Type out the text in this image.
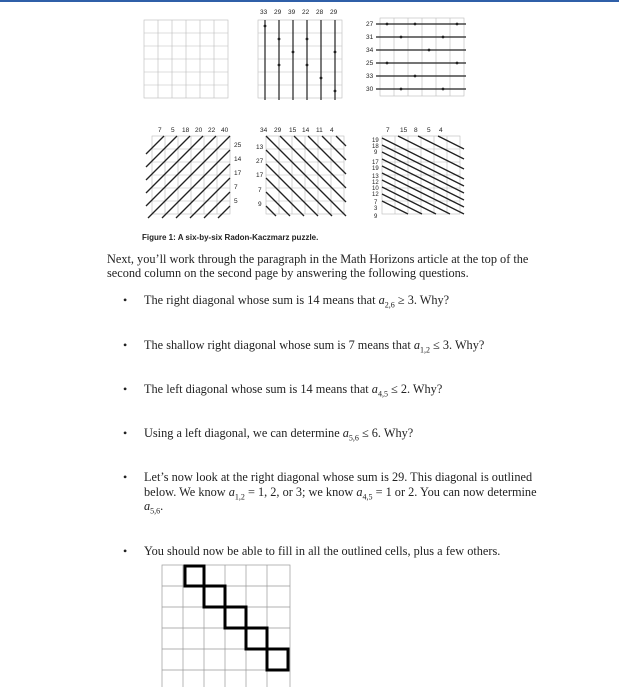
33 29 39 22 28 29
27
31
34
25
33
30
7 5 18 20 22 40
25
14
17
7
5
34 29 15 14 11 4
13
27
17
7
9
7 15 8 5 4
19
18
9
17
19
13
12
10
12
7
3
9
Figure 1: A six-by-six Radon-Kaczmarz puzzle.
Next, you’ll work through the paragraph in the Math Horizons article at the top of the second column on the second page by answering the following questions.
• The right diagonal whose sum is 14 means that $a_{2,6} \ge 3$. Why?
• The shallow right diagonal whose sum is 7 means that $a_{1,2} \le 3$. Why?
• The left diagonal whose sum is 14 means that $a_{4,5} \le 2$. Why?
• Using a left diagonal, we can determine $a_{5,6} \le 6$. Why?
• Let’s now look at the right diagonal whose sum is 29. This diagonal is outlined below. We know $a_{1,2} = 1$, 2, or 3; we know $a_{4,5} = 1$ or 2. You can now determine $a_{5,6}$.
• You should now be able to fill in all the outlined cells, plus a few others.
